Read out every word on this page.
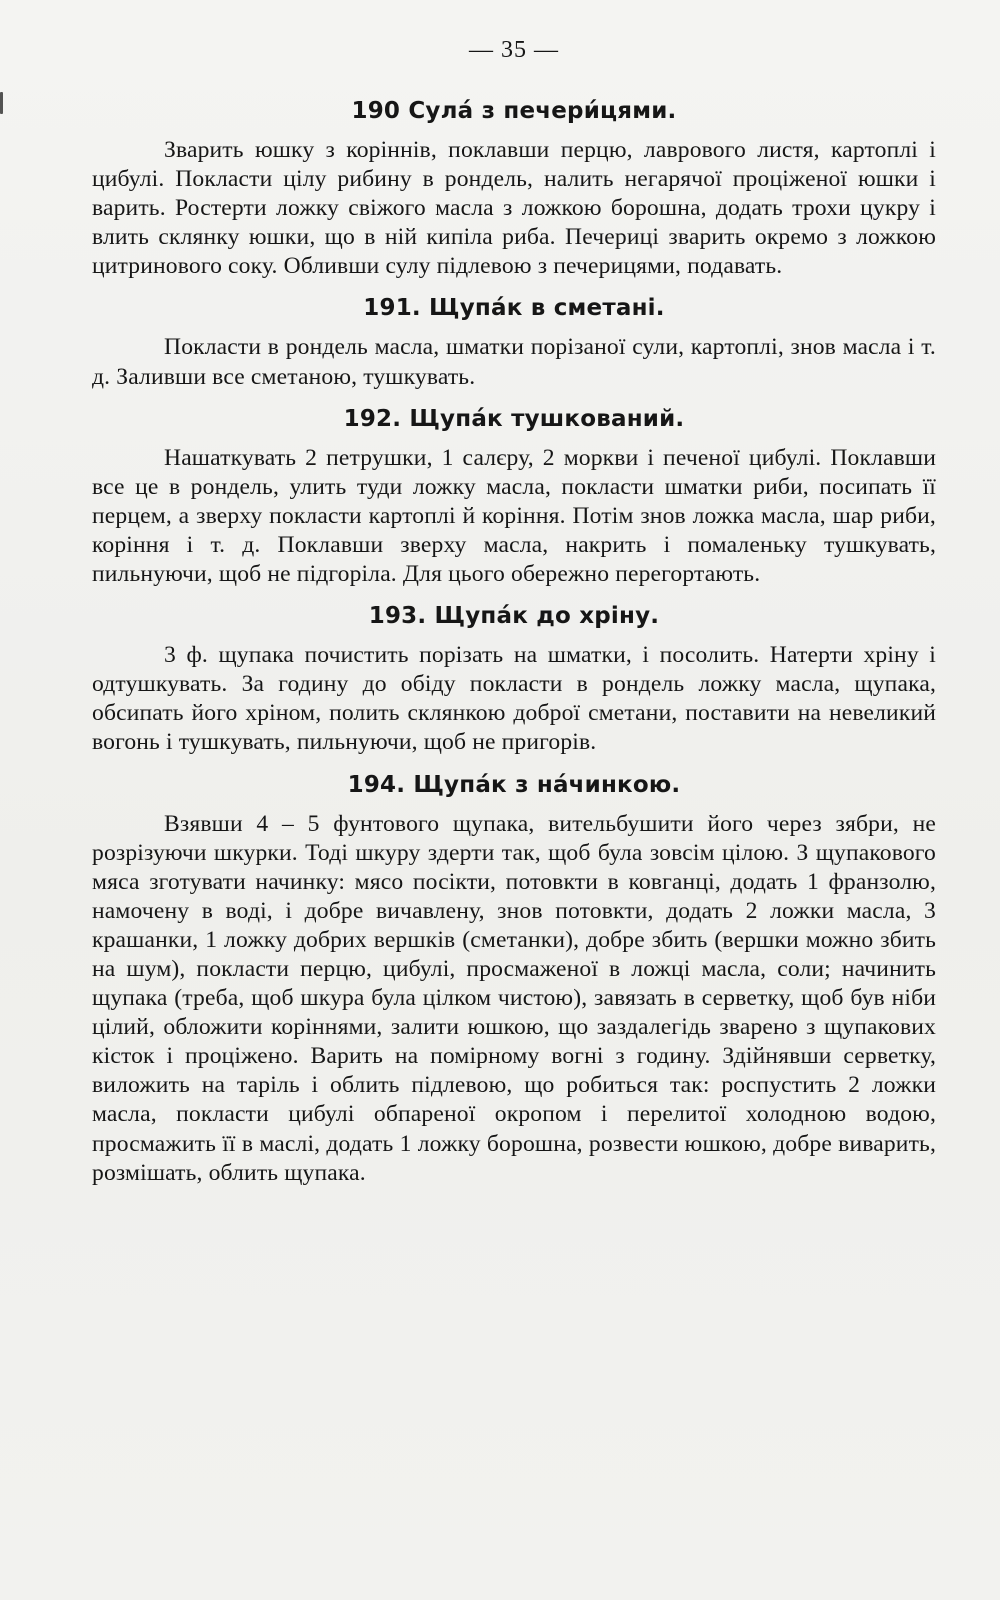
— 35 —
190 Сулá з печери́цями.

Зварить юшку з коріннів, поклавши перцю, лаврового листя, картоплі і цибулі. Покласти цілу рибину в рондель, налить негарячої проціженої юшки і варить. Ростерти ложку свіжого масла з ложкою борошна, додать трохи цукру і влить склянку юшки, що в ній кипіла риба. Печериці зварить окремо з ложкою цитринового соку. Обливши сулу підлевою з печерицями, подавать.

191. Щупáк в сметані.

Покласти в рондель масла, шматки порізаної сули, картоплі, знов масла і т. д. Заливши все сметаною, тушкувать.

192. Щупáк тушкований.

Нашаткувать 2 петрушки, 1 салєру, 2 моркви і печеної цибулі. Поклавши все це в рондель, улить туди ложку масла, покласти шматки риби, посипать її перцем, а зверху покласти картоплі й коріння. Потім знов ложка масла, шар риби, коріння і т. д. Поклавши зверху масла, накрить і помаленьку тушкувать, пильнуючи, щоб не підгоріла. Для цього обережно перегортають.

193. Щупáк до хріну.

3 ф. щупака почистить порізать на шматки, і посолить. Натерти хріну і одтушкувать. За годину до обіду покласти в рондель ложку масла, щупака, обсипать його хріном, полить склянкою доброї сметани, поставити на невеликий вогонь і тушкувать, пильнуючи, щоб не пригорів.

194. Щупáк з нáчинкою.

Взявши 4 – 5 фунтового щупака, вительбушити його через зябри, не розрізуючи шкурки. Тоді шкуру здерти так, щоб була зовсім цілою. З щупакового мяса зготувати начинку: мясо посікти, потовкти в ковганці, додать 1 франзолю, намочену в воді, і добре вичавлену, знов потовкти, додать 2 ложки масла, 3 крашанки, 1 ложку добрих вершків (сметанки), добре збить (вершки можно збить на шум), покласти перцю, цибулі, просмаженої в ложці масла, соли; начинить щупака (треба, щоб шкура була цілком чистою), завязать в серветку, щоб був ніби цілий, обложити коріннями, залити юшкою, що заздалегідь зварено з щупакових кісток і проціжено. Варить на помірному вогні з годину. Здійнявши серветку, виложить на таріль і облить підлевою, що робиться так: роспустить 2 ложки масла, покласти цибулі обпареної окропом і перелитої холодною водою, просмажить її в маслі, додать 1 ложку борошна, розвести юшкою, добре виварить, розмішать, облить щупака.
